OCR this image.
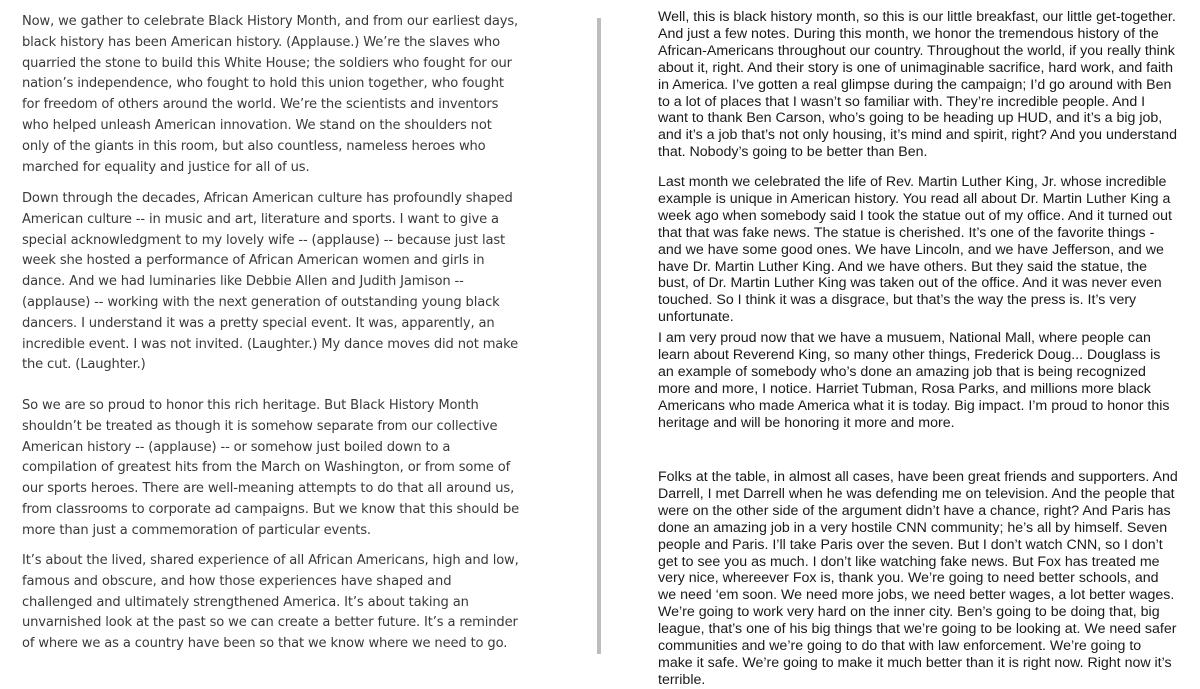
Now, we gather to celebrate Black History Month, and from our earliest days, black history has been American history. (Applause.) We’re the slaves who quarried the stone to build this White House; the soldiers who fought for our nation’s independence, who fought to hold this union together, who fought for freedom of others around the world. We’re the scientists and inventors who helped unleash American innovation. We stand on the shoulders not only of the giants in this room, but also countless, nameless heroes who marched for equality and justice for all of us.

Down through the decades, African American culture has profoundly shaped American culture -- in music and art, literature and sports. I want to give a special acknowledgment to my lovely wife -- (applause) -- because just last week she hosted a performance of African American women and girls in dance. And we had luminaries like Debbie Allen and Judith Jamison -- (applause) -- working with the next generation of outstanding young black dancers. I understand it was a pretty special event. It was, apparently, an incredible event. I was not invited. (Laughter.) My dance moves did not make the cut. (Laughter.)

So we are so proud to honor this rich heritage. But Black History Month shouldn’t be treated as though it is somehow separate from our collective American history -- (applause) -- or somehow just boiled down to a compilation of greatest hits from the March on Washington, or from some of our sports heroes. There are well-meaning attempts to do that all around us, from classrooms to corporate ad campaigns. But we know that this should be more than just a commemoration of particular events.

It’s about the lived, shared experience of all African Americans, high and low, famous and obscure, and how those experiences have shaped and challenged and ultimately strengthened America. It’s about taking an unvarnished look at the past so we can create a better future. It’s a reminder of where we as a country have been so that we know where we need to go.

Well, this is black history month, so this is our little breakfast, our little get-together. And just a few notes. During this month, we honor the tremendous history of the African-Americans throughout our country. Throughout the world, if you really think about it, right. And their story is one of unimaginable sacrifice, hard work, and faith in America. I’ve gotten a real glimpse during the campaign; I’d go around with Ben to a lot of places that I wasn’t so familiar with. They’re incredible people. And I want to thank Ben Carson, who’s going to be heading up HUD, and it’s a big job, and it’s a job that’s not only housing, it’s mind and spirit, right? And you understand that. Nobody’s going to be better than Ben.

Last month we celebrated the life of Rev. Martin Luther King, Jr. whose incredible example is unique in American history. You read all about Dr. Martin Luther King a week ago when somebody said I took the statue out of my office. And it turned out that that was fake news. The statue is cherished. It’s one of the favorite things - and we have some good ones. We have Lincoln, and we have Jefferson, and we have Dr. Martin Luther King. And we have others. But they said the statue, the bust, of Dr. Martin Luther King was taken out of the office. And it was never even touched. So I think it was a disgrace, but that’s the way the press is. It’s very unfortunate.

I am very proud now that we have a musuem, National Mall, where people can learn about Reverend King, so many other things, Frederick Doug... Douglass is an example of somebody who’s done an amazing job that is being recognized more and more, I notice. Harriet Tubman, Rosa Parks, and millions more black Americans who made America what it is today. Big impact. I’m proud to honor this heritage and will be honoring it more and more.

Folks at the table, in almost all cases, have been great friends and supporters. And Darrell, I met Darrell when he was defending me on television. And the people that were on the other side of the argument didn’t have a chance, right? And Paris has done an amazing job in a very hostile CNN community; he’s all by himself. Seven people and Paris. I’ll take Paris over the seven. But I don’t watch CNN, so I don’t get to see you as much. I don’t like watching fake news. But Fox has treated me very nice, whereever Fox is, thank you. We’re going to need better schools, and we need ‘em soon. We need more jobs, we need better wages, a lot better wages. We’re going to work very hard on the inner city. Ben’s going to be doing that, big league, that’s one of his big things that we’re going to be looking at. We need safer communities and we’re going to do that with law enforcement. We’re going to make it safe. We’re going to make it much better than it is right now. Right now it’s terrible.
